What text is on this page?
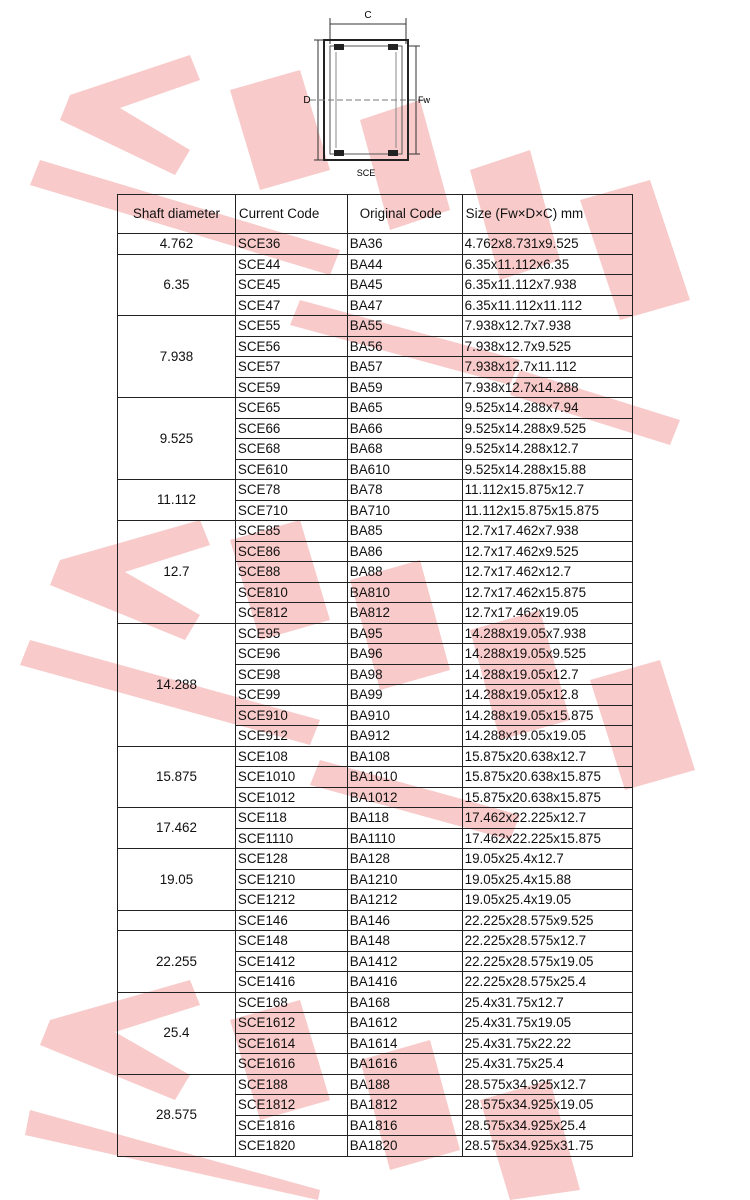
C
D	Fw
SCE
Shaft diameter	Current Code	Original Code	Size (Fw×D×C) mm
4.762	SCE36	BA36	4.762x8.731x9.525
6.35	SCE44	BA44	6.35x11.112x6.35
	SCE45	BA45	6.35x11.112x7.938
	SCE47	BA47	6.35x11.112x11.112
7.938	SCE55	BA55	7.938x12.7x7.938
	SCE56	BA56	7.938x12.7x9.525
	SCE57	BA57	7.938x12.7x11.112
	SCE59	BA59	7.938x12.7x14.288
9.525	SCE65	BA65	9.525x14.288x7.94
	SCE66	BA66	9.525x14.288x9.525
	SCE68	BA68	9.525x14.288x12.7
	SCE610	BA610	9.525x14.288x15.88
11.112	SCE78	BA78	11.112x15.875x12.7
	SCE710	BA710	11.112x15.875x15.875
12.7	SCE85	BA85	12.7x17.462x7.938
	SCE86	BA86	12.7x17.462x9.525
	SCE88	BA88	12.7x17.462x12.7
	SCE810	BA810	12.7x17.462x15.875
	SCE812	BA812	12.7x17.462x19.05
14.288	SCE95	BA95	14.288x19.05x7.938
	SCE96	BA96	14.288x19.05x9.525
	SCE98	BA98	14.288x19.05x12.7
	SCE99	BA99	14.288x19.05x12.8
	SCE910	BA910	14.288x19.05x15.875
	SCE912	BA912	14.288x19.05x19.05
15.875	SCE108	BA108	15.875x20.638x12.7
	SCE1010	BA1010	15.875x20.638x15.875
	SCE1012	BA1012	15.875x20.638x15.875
17.462	SCE118	BA118	17.462x22.225x12.7
	SCE1110	BA1110	17.462x22.225x15.875
19.05	SCE128	BA128	19.05x25.4x12.7
	SCE1210	BA1210	19.05x25.4x15.88
	SCE1212	BA1212	19.05x25.4x19.05
	SCE146	BA146	22.225x28.575x9.525
22.255	SCE148	BA148	22.225x28.575x12.7
	SCE1412	BA1412	22.225x28.575x19.05
	SCE1416	BA1416	22.225x28.575x25.4
25.4	SCE168	BA168	25.4x31.75x12.7
	SCE1612	BA1612	25.4x31.75x19.05
	SCE1614	BA1614	25.4x31.75x22.22
	SCE1616	BA1616	25.4x31.75x25.4
28.575	SCE188	BA188	28.575x34.925x12.7
	SCE1812	BA1812	28.575x34.925x19.05
	SCE1816	BA1816	28.575x34.925x25.4
	SCE1820	BA1820	28.575x34.925x31.75
